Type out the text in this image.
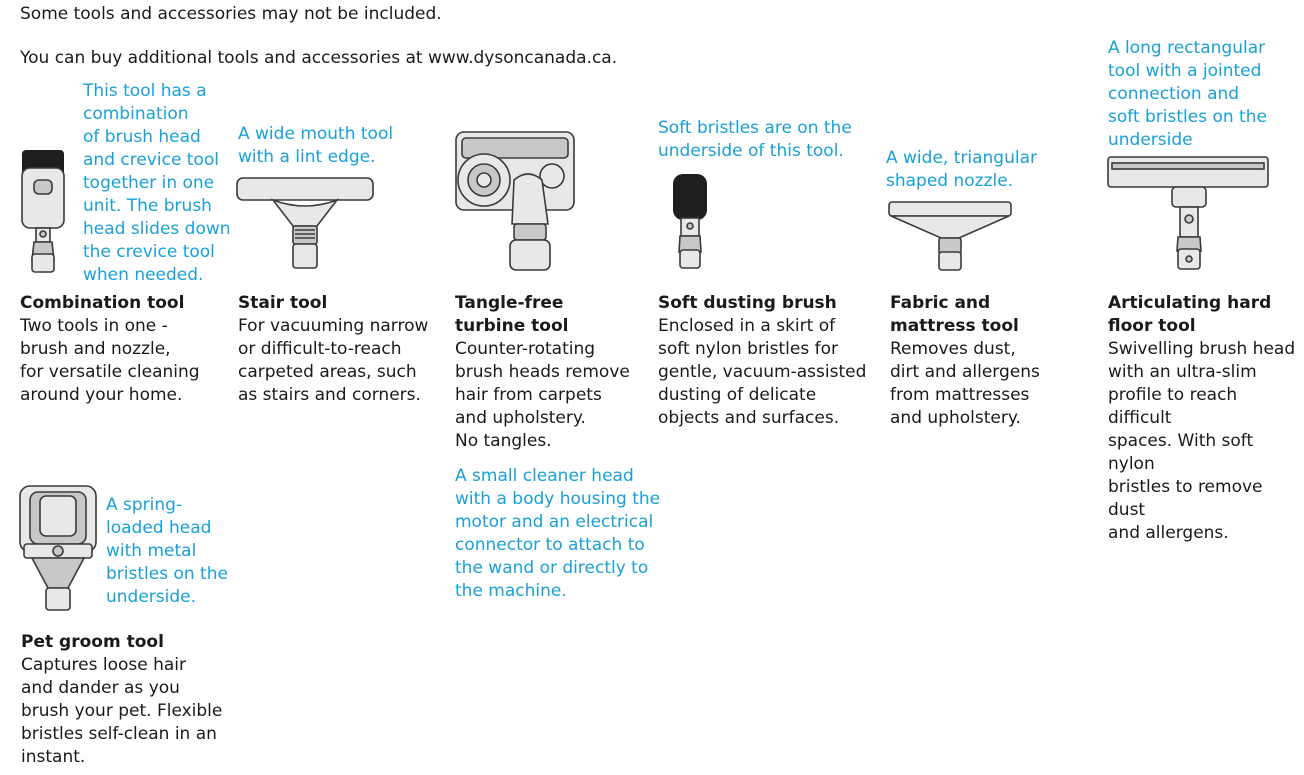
Some tools and accessories may not be included.
You can buy additional tools and accessories at www.dysoncanada.ca.
This tool has a
combination
of brush head
and crevice tool
together in one
unit. The brush
head slides down
the crevice tool
when needed.
Combination tool
Two tools in one -
brush and nozzle,
for versatile cleaning
around your home.
A wide mouth tool
with a lint edge.
Stair tool
For vacuuming narrow
or difficult-to-reach
carpeted areas, such
as stairs and corners.
Tangle-free
turbine tool
Counter-rotating
brush heads remove
hair from carpets
and upholstery.
No tangles.
A small cleaner head
with a body housing the
motor and an electrical
connector to attach to
the wand or directly to
the machine.
Soft bristles are on the
underside of this tool.
Soft dusting brush
Enclosed in a skirt of
soft nylon bristles for
gentle, vacuum-assisted
dusting of delicate
objects and surfaces.
A wide, triangular
shaped nozzle.
Fabric and
mattress tool
Removes dust,
dirt and allergens
from mattresses
and upholstery.
A long rectangular
tool with a jointed
connection and
soft bristles on the
underside
Articulating hard
floor tool
Swivelling brush head
with an ultra-slim
profile to reach difficult
spaces. With soft nylon
bristles to remove dust
and allergens.
A spring-
loaded head
with metal
bristles on the
underside.
Pet groom tool
Captures loose hair
and dander as you
brush your pet. Flexible
bristles self-clean in an
instant.
